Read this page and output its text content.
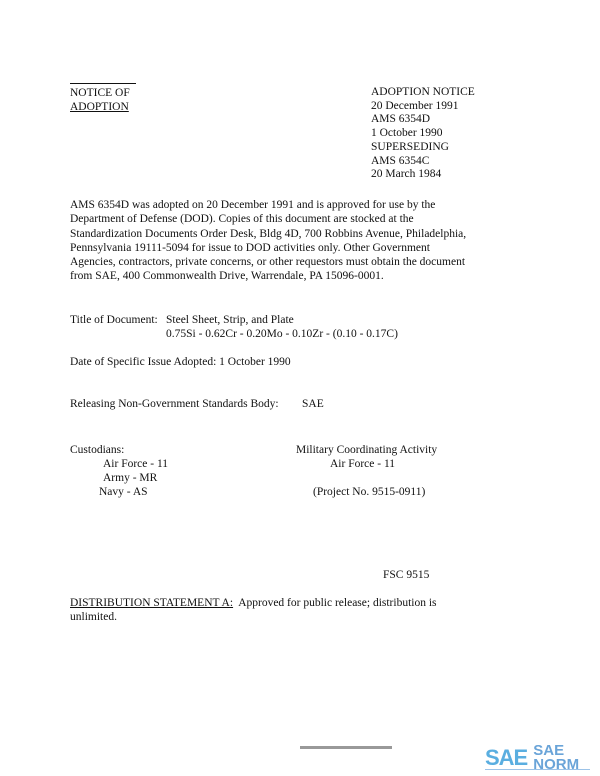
NOTICE OF
ADOPTION
ADOPTION NOTICE
20 December 1991
AMS 6354D
1 October 1990
SUPERSEDING
AMS 6354C
20 March 1984
AMS 6354D was adopted on 20 December 1991 and is approved for use by the Department of Defense (DOD). Copies of this document are stocked at the Standardization Documents Order Desk, Bldg 4D, 700 Robbins Avenue, Philadelphia, Pennsylvania 19111-5094 for issue to DOD activities only. Other Government Agencies, contractors, private concerns, or other requestors must obtain the document from SAE, 400 Commonwealth Drive, Warrendale, PA 15096-0001.
Title of Document: Steel Sheet, Strip, and Plate
0.75Si - 0.62Cr - 0.20Mo - 0.10Zr - (0.10 - 0.17C)
Date of Specific Issue Adopted: 1 October 1990
Releasing Non-Government Standards Body: SAE
Custodians:
Air Force - 11
Army - MR
Navy - AS
Military Coordinating Activity
Air Force - 11
(Project No. 9515-0911)
FSC 9515
DISTRIBUTION STATEMENT A: Approved for public release; distribution is unlimited.
SAE SAE NORM
